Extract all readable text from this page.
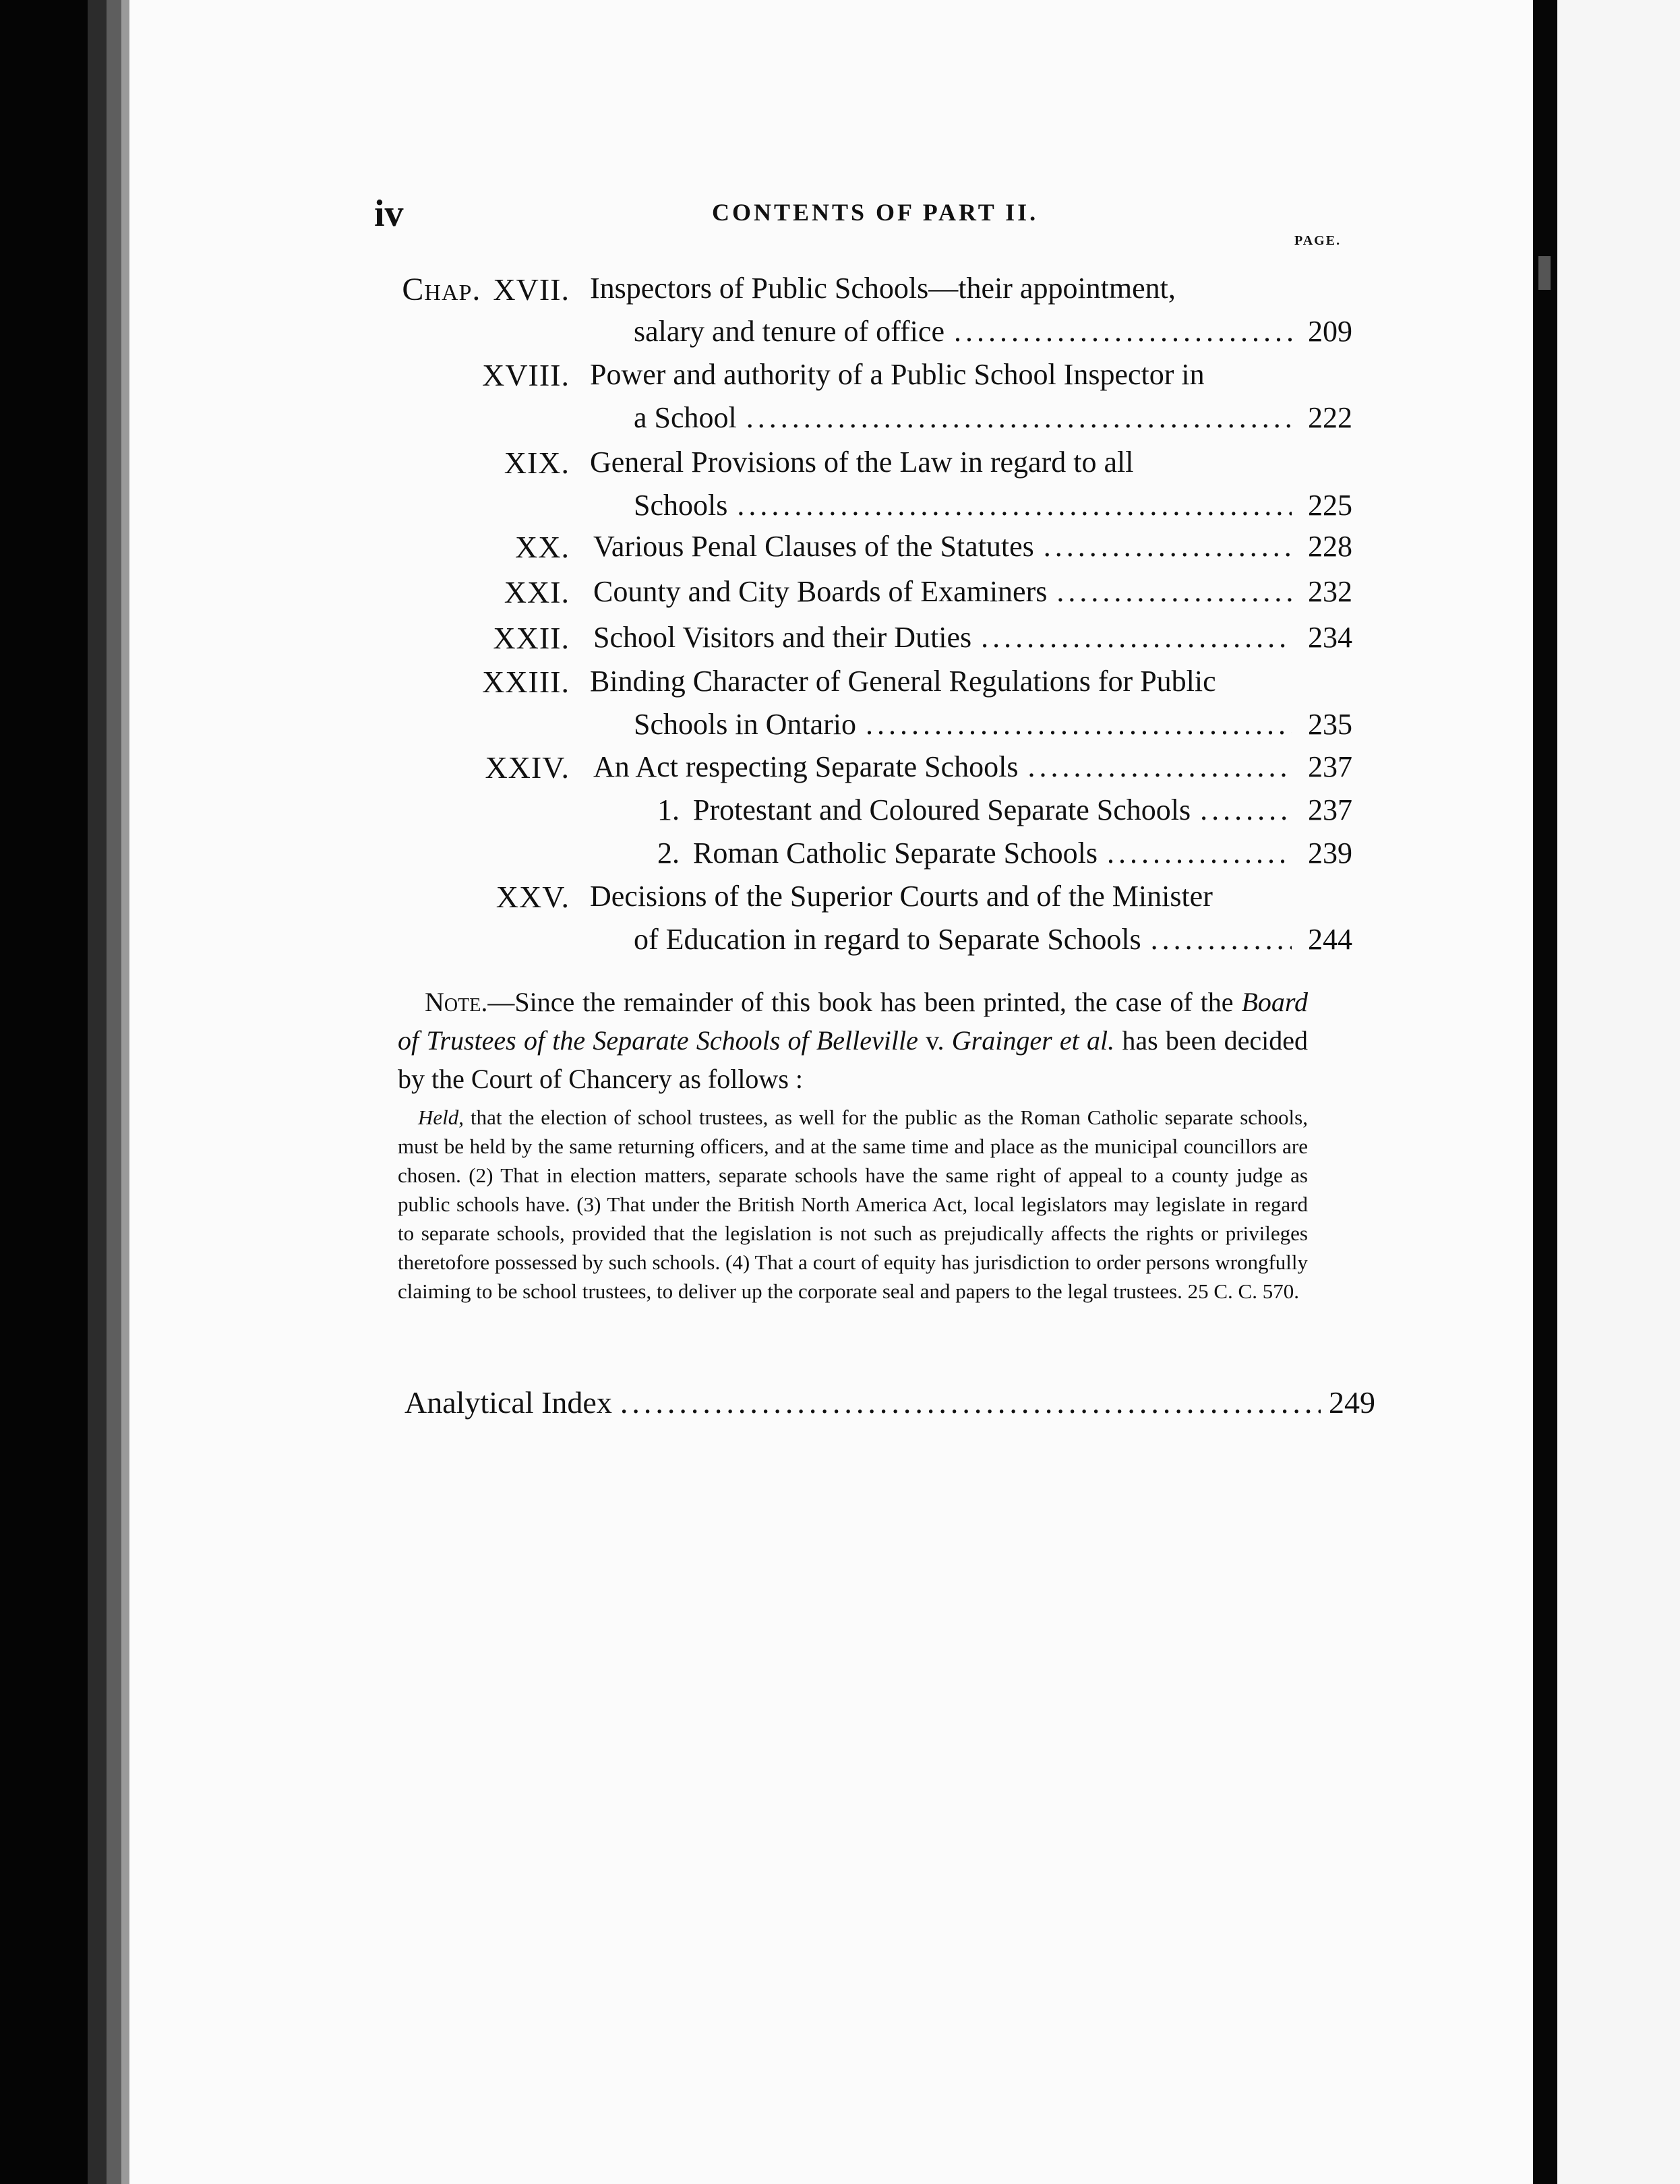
iv	CONTENTS OF PART II.
PAGE.
Chap. XVII. Inspectors of Public Schools—their appointment,
salary and tenure of office .....	209
XVIII. Power and authority of a Public School Inspector in
a School .....	222
XIX. General Provisions of the Law in regard to all
Schools .....	225
XX. Various Penal Clauses of the Statutes .....	228
XXI. County and City Boards of Examiners .....	232
XXII. School Visitors and their Duties .....	234
XXIII. Binding Character of General Regulations for Public
Schools in Ontario .....	235
XXIV. An Act respecting Separate Schools .....	237
1. Protestant and Coloured Separate Schools .....	237
2. Roman Catholic Separate Schools .....	239
XXV. Decisions of the Superior Courts and of the Minister
of Education in regard to Separate Schools .....	244
Note.—Since the remainder of this book has been printed, the case of the Board of Trustees of the Separate Schools of Belleville v. Grainger et al. has been decided by the Court of Chancery as follows :
Held, that the election of school trustees, as well for the public as the Roman Catholic separate schools, must be held by the same returning officers, and at the same time and place as the municipal councillors are chosen. (2) That in election matters, separate schools have the same right of appeal to a county judge as public schools have. (3) That under the British North America Act, local legislators may legislate in regard to separate schools, provided that the legislation is not such as prejudically affects the rights or privileges theretofore possessed by such schools. (4) That a court of equity has jurisdiction to order persons wrongfully claiming to be school trustees, to deliver up the corporate seal and papers to the legal trustees. 25 C. C. 570.
Analytical Index .....	249
